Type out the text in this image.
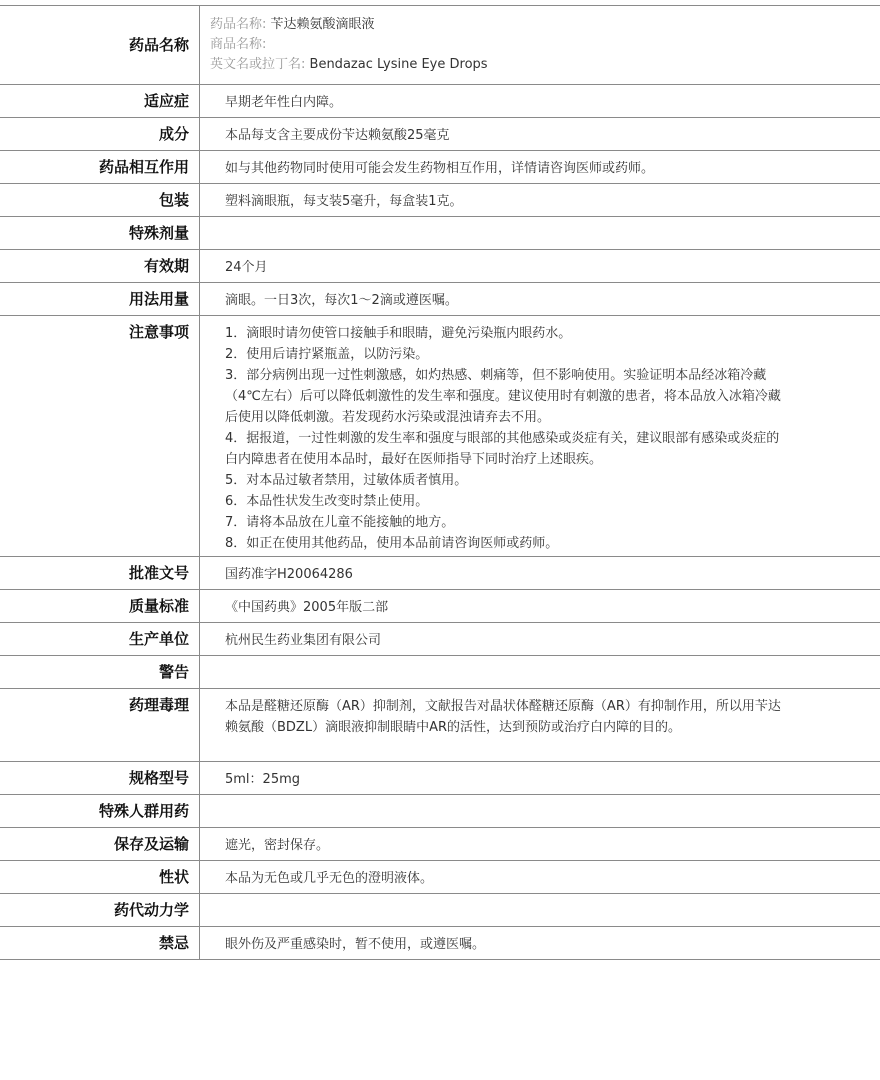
药品名称
药品名称: 苄达赖氨酸滴眼液
商品名称:
英文名或拉丁名: Bendazac Lysine Eye Drops
适应症	早期老年性白内障。
成分	本品每支含主要成份苄达赖氨酸25毫克
药品相互作用	如与其他药物同时使用可能会发生药物相互作用，详情请咨询医师或药师。
包装	塑料滴眼瓶，每支装5毫升，每盒装1克。
特殊剂量
有效期	24个月
用法用量	滴眼。一日3次，每次1～2滴或遵医嘱。
注意事项	1．滴眼时请勿使管口接触手和眼睛，避免污染瓶内眼药水。
2．使用后请拧紧瓶盖，以防污染。
3．部分病例出现一过性刺激感，如灼热感、刺痛等，但不影响使用。实验证明本品经冰箱冷藏（4℃左右）后可以降低刺激性的发生率和强度。建议使用时有刺激的患者，将本品放入冰箱冷藏后使用以降低刺激。若发现药水污染或混浊请弃去不用。
4．据报道，一过性刺激的发生率和强度与眼部的其他感染或炎症有关，建议眼部有感染或炎症的白内障患者在使用本品时，最好在医师指导下同时治疗上述眼疾。
5．对本品过敏者禁用，过敏体质者慎用。
6．本品性状发生改变时禁止使用。
7．请将本品放在儿童不能接触的地方。
8．如正在使用其他药品，使用本品前请咨询医师或药师。
批准文号	国药准字H20064286
质量标准	《中国药典》2005年版二部
生产单位	杭州民生药业集团有限公司
警告
药理毒理	本品是醛糖还原酶（AR）抑制剂，文献报告对晶状体醛糖还原酶（AR）有抑制作用，所以用苄达赖氨酸（BDZL）滴眼液抑制眼睛中AR的活性，达到预防或治疗白内障的目的。
规格型号	5ml：25mg
特殊人群用药
保存及运输	遮光，密封保存。
性状	本品为无色或几乎无色的澄明液体。
药代动力学
禁忌	眼外伤及严重感染时，暂不使用，或遵医嘱。
